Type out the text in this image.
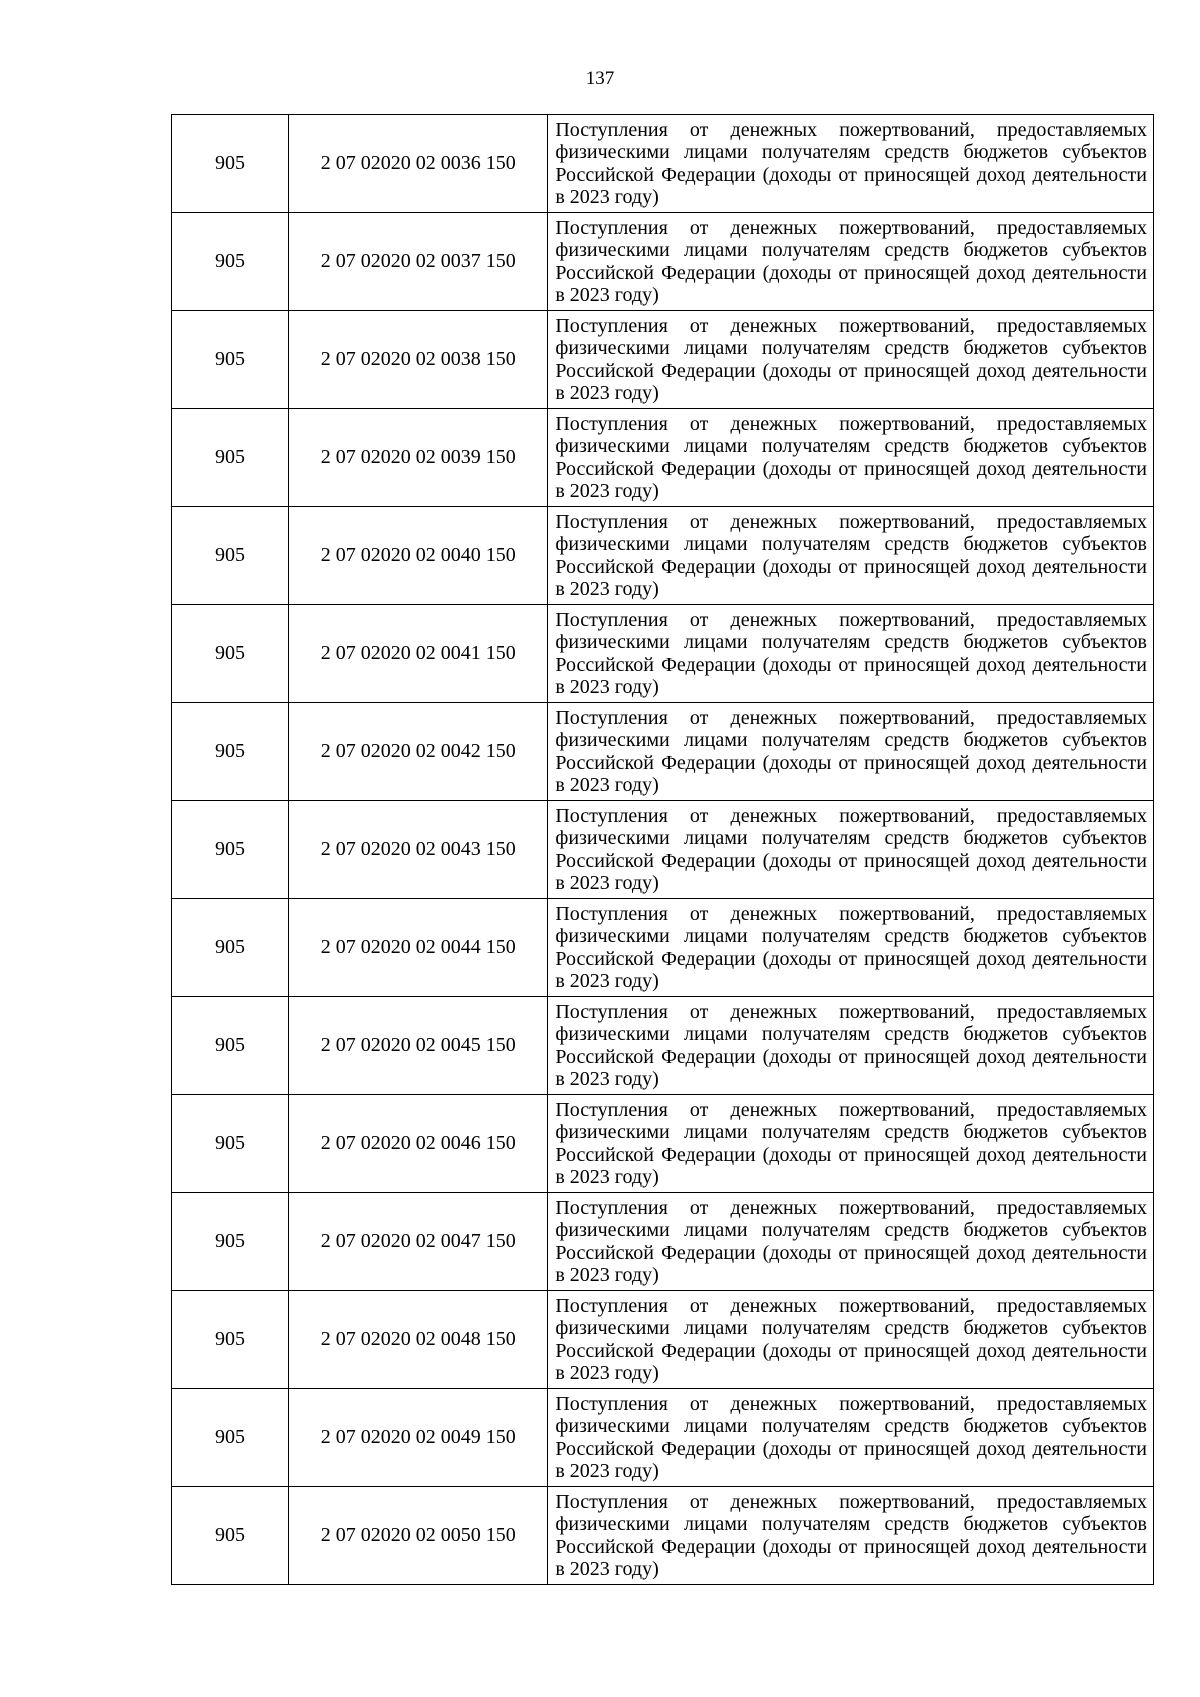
137
905	2 07 02020 02 0036 150	Поступления от денежных пожертвований, предоставляемых физическими лицами получателям средств бюджетов субъектов Российской Федерации (доходы от приносящей доход деятельности в 2023 году)
905	2 07 02020 02 0037 150	Поступления от денежных пожертвований, предоставляемых физическими лицами получателям средств бюджетов субъектов Российской Федерации (доходы от приносящей доход деятельности в 2023 году)
905	2 07 02020 02 0038 150	Поступления от денежных пожертвований, предоставляемых физическими лицами получателям средств бюджетов субъектов Российской Федерации (доходы от приносящей доход деятельности в 2023 году)
905	2 07 02020 02 0039 150	Поступления от денежных пожертвований, предоставляемых физическими лицами получателям средств бюджетов субъектов Российской Федерации (доходы от приносящей доход деятельности в 2023 году)
905	2 07 02020 02 0040 150	Поступления от денежных пожертвований, предоставляемых физическими лицами получателям средств бюджетов субъектов Российской Федерации (доходы от приносящей доход деятельности в 2023 году)
905	2 07 02020 02 0041 150	Поступления от денежных пожертвований, предоставляемых физическими лицами получателям средств бюджетов субъектов Российской Федерации (доходы от приносящей доход деятельности в 2023 году)
905	2 07 02020 02 0042 150	Поступления от денежных пожертвований, предоставляемых физическими лицами получателям средств бюджетов субъектов Российской Федерации (доходы от приносящей доход деятельности в 2023 году)
905	2 07 02020 02 0043 150	Поступления от денежных пожертвований, предоставляемых физическими лицами получателям средств бюджетов субъектов Российской Федерации (доходы от приносящей доход деятельности в 2023 году)
905	2 07 02020 02 0044 150	Поступления от денежных пожертвований, предоставляемых физическими лицами получателям средств бюджетов субъектов Российской Федерации (доходы от приносящей доход деятельности в 2023 году)
905	2 07 02020 02 0045 150	Поступления от денежных пожертвований, предоставляемых физическими лицами получателям средств бюджетов субъектов Российской Федерации (доходы от приносящей доход деятельности в 2023 году)
905	2 07 02020 02 0046 150	Поступления от денежных пожертвований, предоставляемых физическими лицами получателям средств бюджетов субъектов Российской Федерации (доходы от приносящей доход деятельности в 2023 году)
905	2 07 02020 02 0047 150	Поступления от денежных пожертвований, предоставляемых физическими лицами получателям средств бюджетов субъектов Российской Федерации (доходы от приносящей доход деятельности в 2023 году)
905	2 07 02020 02 0048 150	Поступления от денежных пожертвований, предоставляемых физическими лицами получателям средств бюджетов субъектов Российской Федерации (доходы от приносящей доход деятельности в 2023 году)
905	2 07 02020 02 0049 150	Поступления от денежных пожертвований, предоставляемых физическими лицами получателям средств бюджетов субъектов Российской Федерации (доходы от приносящей доход деятельности в 2023 году)
905	2 07 02020 02 0050 150	Поступления от денежных пожертвований, предоставляемых физическими лицами получателям средств бюджетов субъектов Российской Федерации (доходы от приносящей доход деятельности в 2023 году)
